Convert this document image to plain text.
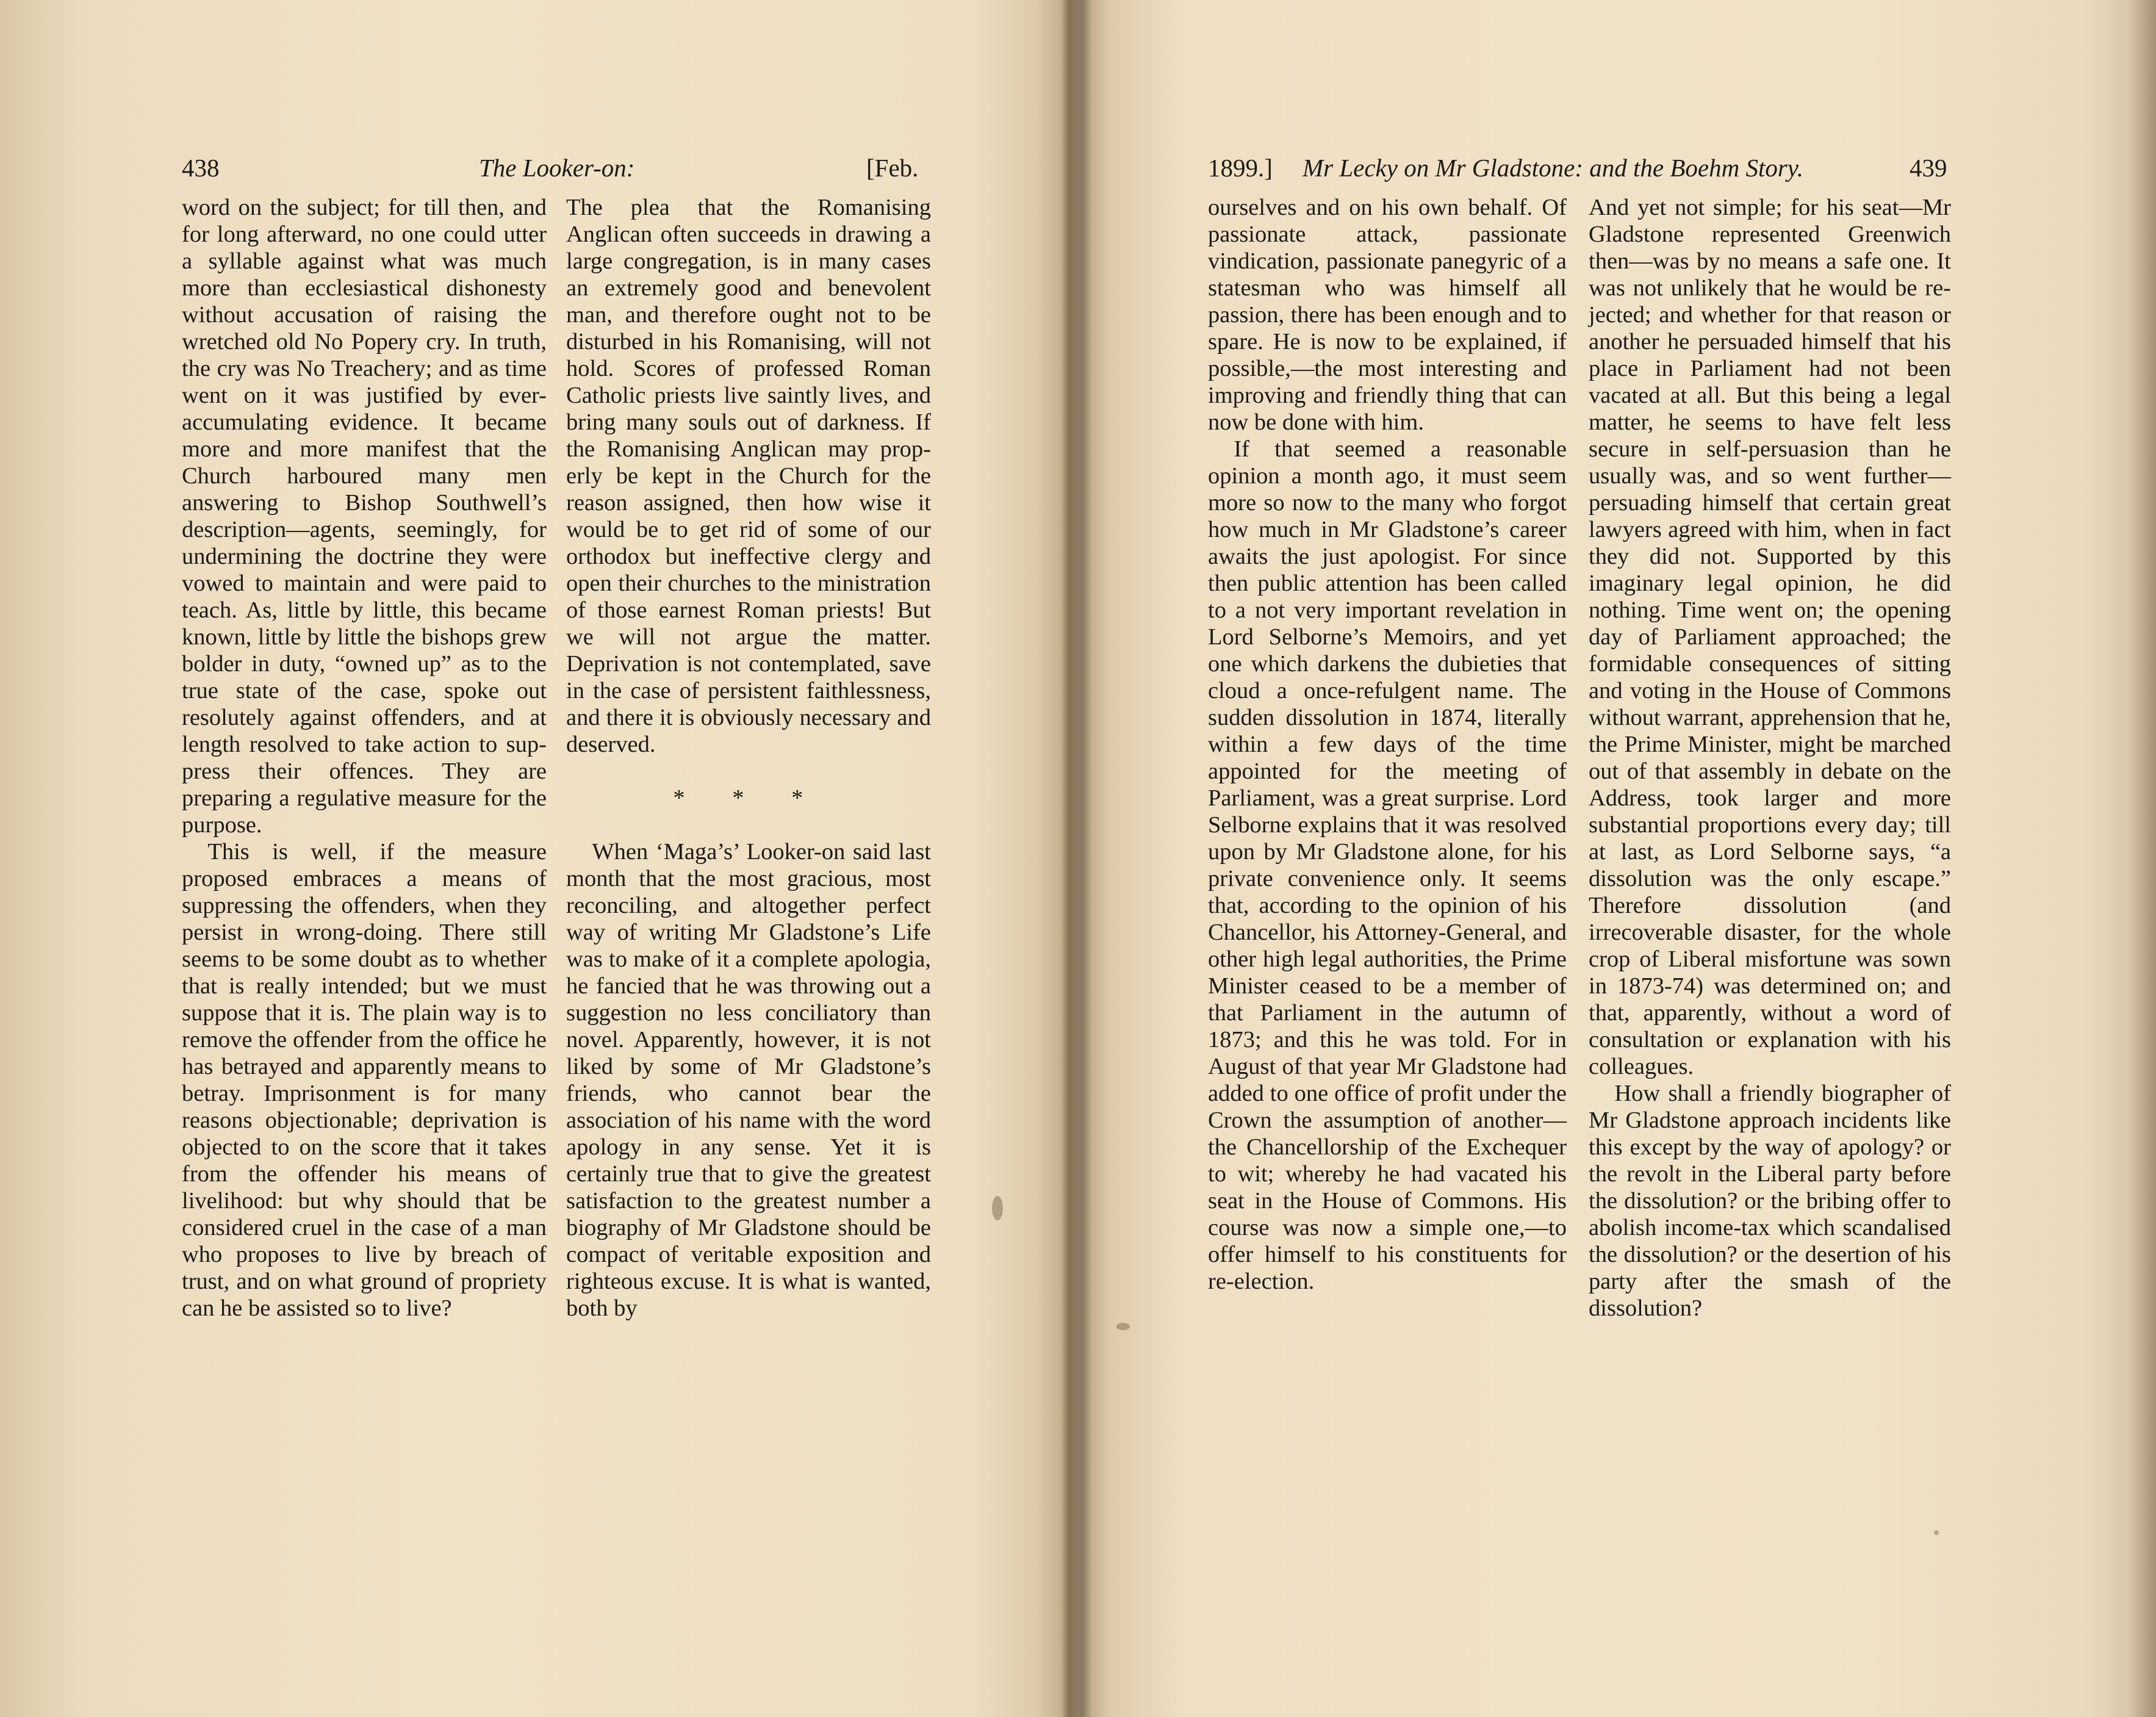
438	The Looker-on:	[Feb.

word on the subject; for till then, and for long afterward, no one could utter a syllable against what was much more than ecclesiastical dishonesty without accusation of raising the wretched old No Popery cry. In truth, the cry was No Treachery; and as time went on it was justified by ever-accumulating evidence. It became more and more manifest that the Church harboured many men answering to Bishop Southwell’s description—agents, seemingly, for undermining the doctrine they were vowed to maintain and were paid to teach. As, little by little, this became known, little by little the bishops grew bolder in duty, “owned up” as to the true state of the case, spoke out resolutely against offenders, and at length resolved to take action to suppress their offences. They are preparing a regulative measure for the purpose.

This is well, if the measure proposed embraces a means of suppressing the offenders, when they persist in wrong-doing. There still seems to be some doubt as to whether that is really intended; but we must suppose that it is. The plain way is to remove the offender from the office he has betrayed and apparently means to betray. Imprisonment is for many reasons objectionable; deprivation is objected to on the score that it takes from the offender his means of livelihood: but why should that be considered cruel in the case of a man who proposes to live by breach of trust, and on what ground of propriety can he be assisted so to live?

The plea that the Romanising Anglican often succeeds in drawing a large congregation, is in many cases an extremely good and benevolent man, and therefore ought not to be disturbed in his Romanising, will not hold. Scores of professed Roman Catholic priests live saintly lives, and bring many souls out of darkness. If the Romanising Anglican may properly be kept in the Church for the reason assigned, then how wise it would be to get rid of some of our orthodox but ineffective clergy and open their churches to the ministration of those earnest Roman priests! But we will not argue the matter. Deprivation is not contemplated, save in the case of persistent faithlessness, and there it is obviously necessary and deserved.

* * *

When ‘Maga’s’ Looker-on said last month that the most gracious, most reconciling, and altogether perfect way of writing Mr Gladstone’s Life was to make of it a complete apologia, he fancied that he was throwing out a suggestion no less conciliatory than novel. Apparently, however, it is not liked by some of Mr Gladstone’s friends, who cannot bear the association of his name with the word apology in any sense. Yet it is certainly true that to give the greatest satisfaction to the greatest number a biography of Mr Gladstone should be compact of veritable exposition and righteous excuse. It is what is wanted, both by

1899.] Mr Lecky on Mr Gladstone: and the Boehm Story.	439

ourselves and on his own behalf. Of passionate attack, passionate vindication, passionate panegyric of a statesman who was himself all passion, there has been enough and to spare. He is now to be explained, if possible,—the most interesting and improving and friendly thing that can now be done with him.

If that seemed a reasonable opinion a month ago, it must seem more so now to the many who forgot how much in Mr Gladstone’s career awaits the just apologist. For since then public attention has been called to a not very important revelation in Lord Selborne’s Memoirs, and yet one which darkens the dubieties that cloud a once-refulgent name. The sudden dissolution in 1874, literally within a few days of the time appointed for the meeting of Parliament, was a great surprise. Lord Selborne explains that it was resolved upon by Mr Gladstone alone, for his private convenience only. It seems that, according to the opinion of his Chancellor, his Attorney-General, and other high legal authorities, the Prime Minister ceased to be a member of that Parliament in the autumn of 1873; and this he was told. For in August of that year Mr Gladstone had added to one office of profit under the Crown the assumption of another—the Chancellorship of the Exchequer to wit; whereby he had vacated his seat in the House of Commons. His course was now a simple one,—to offer himself to his constituents for re-election.

And yet not simple; for his seat—Mr Gladstone represented Greenwich then—was by no means a safe one. It was not unlikely that he would be rejected; and whether for that reason or another he persuaded himself that his place in Parliament had not been vacated at all. But this being a legal matter, he seems to have felt less secure in self-persuasion than he usually was, and so went further—persuading himself that certain great lawyers agreed with him, when in fact they did not. Supported by this imaginary legal opinion, he did nothing. Time went on; the opening day of Parliament approached; the formidable consequences of sitting and voting in the House of Commons without warrant, apprehension that he, the Prime Minister, might be marched out of that assembly in debate on the Address, took larger and more substantial proportions every day; till at last, as Lord Selborne says, “a dissolution was the only escape.” Therefore dissolution (and irrecoverable disaster, for the whole crop of Liberal misfortune was sown in 1873-74) was determined on; and that, apparently, without a word of consultation or explanation with his colleagues.

How shall a friendly biographer of Mr Gladstone approach incidents like this except by the way of apology? or the revolt in the Liberal party before the dissolution? or the bribing offer to abolish income-tax which scandalised the dissolution? or the desertion of his party after the smash of the dissolution?
